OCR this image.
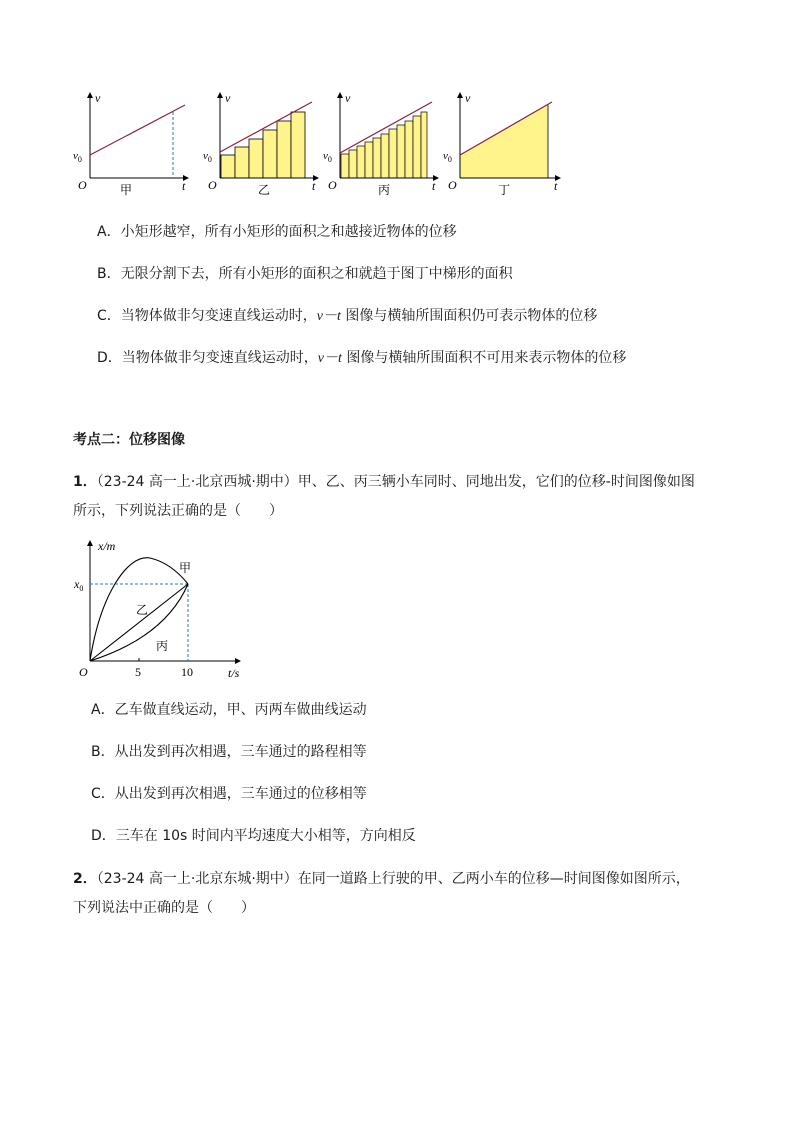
v
t
O
$v_0$
甲
v
t
O
$v_0$
乙
v
t
O
$v_0$
丙
v
t
O
$v_0$
丁
A．小矩形越窄，所有小矩形的面积之和越接近物体的位移
B．无限分割下去，所有小矩形的面积之和就趋于图丁中梯形的面积
C．当物体做非匀变速直线运动时，v－t 图像与横轴所围面积仍可表示物体的位移
D．当物体做非匀变速直线运动时，v－t 图像与横轴所围面积不可用来表示物体的位移
考点二：位移图像
1．（23-24 高一上·北京西城·期中）甲、乙、丙三辆小车同时、同地出发，它们的位移-时间图像如图
所示，下列说法正确的是（　　）
x/m
t/s
O
$x_0$
5	10
甲
乙
丙
A．乙车做直线运动，甲、丙两车做曲线运动
B．从出发到再次相遇，三车通过的路程相等
C．从出发到再次相遇，三车通过的位移相等
D．三车在 10s 时间内平均速度大小相等，方向相反
2．（23-24 高一上·北京东城·期中）在同一道路上行驶的甲、乙两小车的位移—时间图像如图所示，
下列说法中正确的是（　　）
